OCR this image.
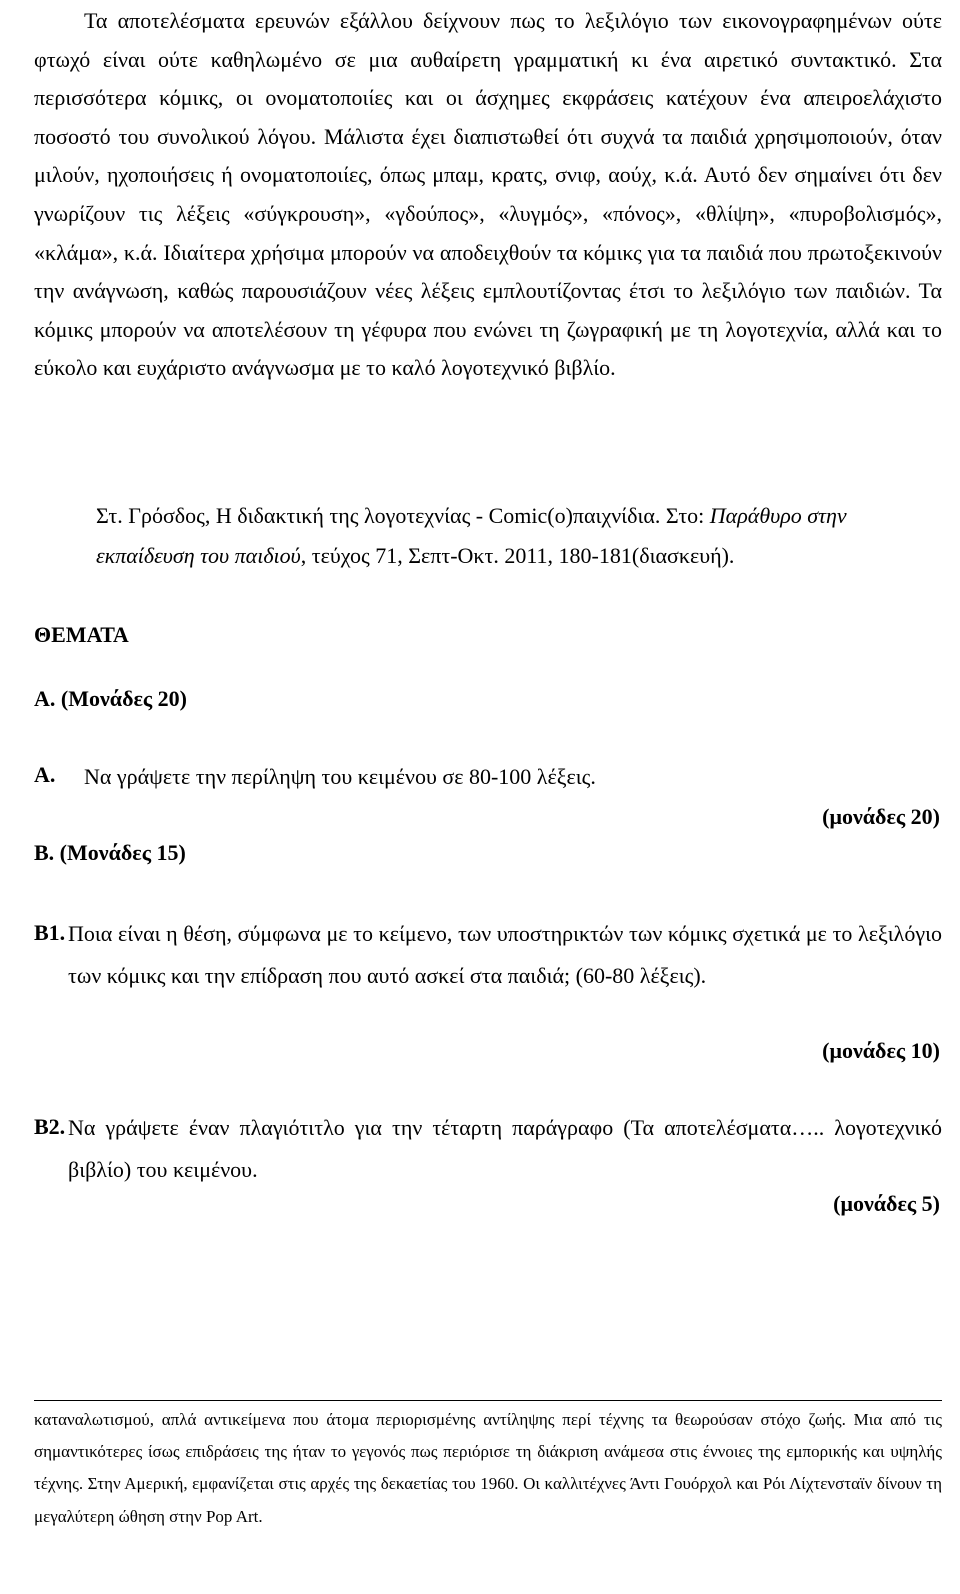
Τα αποτελέσματα ερευνών εξάλλου δείχνουν πως το λεξιλόγιο των εικονογραφημένων ούτε φτωχό είναι ούτε καθηλωμένο σε μια αυθαίρετη γραμματική κι ένα αιρετικό συντακτικό. Στα περισσότερα κόμικς, οι ονοματοποιίες και οι άσχημες εκφράσεις κατέχουν ένα απειροελάχιστο ποσοστό του συνολικού λόγου. Μάλιστα έχει διαπιστωθεί ότι συχνά τα παιδιά χρησιμοποιούν, όταν μιλούν, ηχοποιήσεις ή ονοματοποιίες, όπως μπαμ, κρατς, σνιφ, αούχ, κ.ά. Αυτό δεν σημαίνει ότι δεν γνωρίζουν τις λέξεις «σύγκρουση», «γδούπος», «λυγμός», «πόνος», «θλίψη», «πυροβολισμός», «κλάμα», κ.ά. Ιδιαίτερα χρήσιμα μπορούν να αποδειχθούν τα κόμικς για τα παιδιά που πρωτοξεκινούν την ανάγνωση, καθώς παρουσιάζουν νέες λέξεις εμπλουτίζοντας έτσι το λεξιλόγιο των παιδιών. Τα κόμικς μπορούν να αποτελέσουν τη γέφυρα που ενώνει τη ζωγραφική με τη λογοτεχνία, αλλά και το εύκολο και ευχάριστο ανάγνωσμα με το καλό λογοτεχνικό βιβλίο.

Στ. Γρόσδος, Η διδακτική της λογοτεχνίας - Comic(o)παιχνίδια. Στο: Παράθυρο στην εκπαίδευση του παιδιού, τεύχος 71, Σεπτ-Οκτ. 2011, 180-181(διασκευή).
ΘΕΜΑΤΑ
Α. (Μονάδες 20)
Α. Να γράψετε την περίληψη του κειμένου σε 80-100 λέξεις.

(μονάδες 20)
Β. (Μονάδες 15)
Β1. Ποια είναι η θέση, σύμφωνα με το κείμενο, των υποστηρικτών των κόμικς σχετικά με το λεξιλόγιο των κόμικς και την επίδραση που αυτό ασκεί στα παιδιά; (60-80 λέξεις).

(μονάδες 10)
Β2. Να γράψετε έναν πλαγιότιτλο για την τέταρτη παράγραφο (Τα αποτελέσματα….. λογοτεχνικό βιβλίο) του κειμένου.

(μονάδες 5)

καταναλωτισμού, απλά αντικείμενα που άτομα περιορισμένης αντίληψης περί τέχνης τα θεωρούσαν στόχο ζωής. Μια από τις σημαντικότερες ίσως επιδράσεις της ήταν το γεγονός πως περιόρισε τη διάκριση ανάμεσα στις έννοιες της εμπορικής και υψηλής τέχνης. Στην Αμερική, εμφανίζεται στις αρχές της δεκαετίας του 1960. Οι καλλιτέχνες Άντι Γουόρχολ και Ρόι Λίχτενσταϊν δίνουν τη μεγαλύτερη ώθηση στην Pop Art.
